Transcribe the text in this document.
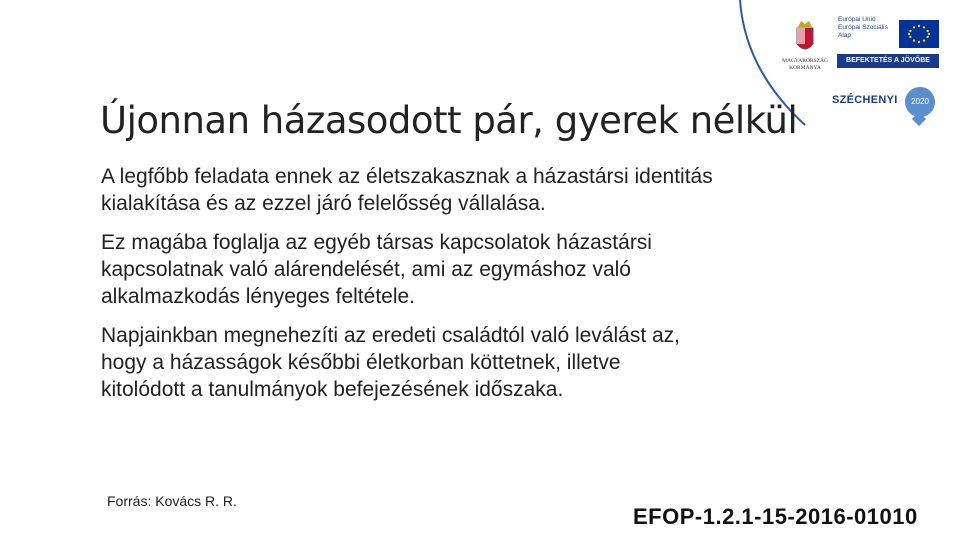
MAGYARORSZÁG KORMÁNYA
Európai Unió Európai Szociális Alap
BEFEKTETÉS A JÖVŐBE
SZÉCHENYI	2020
Újonnan házasodott pár, gyerek nélkül

A legfőbb feladata ennek az életszakasznak a házastársi identitás
kialakítása és az ezzel járó felelősség vállalása.

Ez magába foglalja az egyéb társas kapcsolatok házastársi
kapcsolatnak való alárendelését, ami az egymáshoz való
alkalmazkodás lényeges feltétele.

Napjainkban megnehezíti az eredeti családtól való leválást az,
hogy a házasságok későbbi életkorban köttetnek, illetve
kitolódott a tanulmányok befejezésének időszaka.

Forrás: Kovács R. R.
EFOP-1.2.1-15-2016-01010
